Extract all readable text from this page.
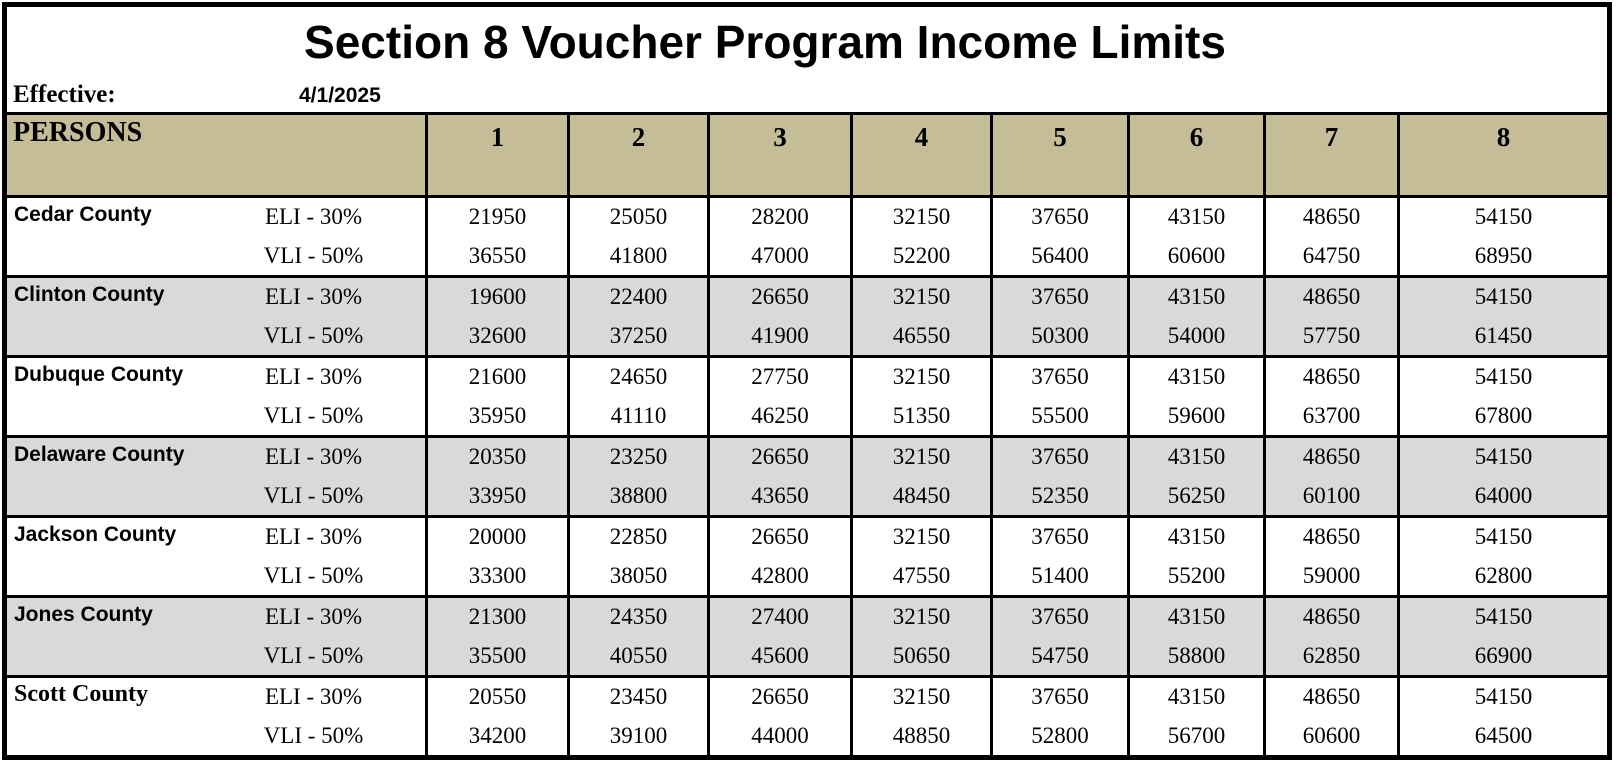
Section 8 Voucher Program Income Limits
Effective:	4/1/2025
PERSONS	1	2	3	4	5	6	7	8
Cedar County	ELI - 30%	21950	25050	28200	32150	37650	43150	48650	54150
VLI - 50%	36550	41800	47000	52200	56400	60600	64750	68950
Clinton County	ELI - 30%	19600	22400	26650	32150	37650	43150	48650	54150
VLI - 50%	32600	37250	41900	46550	50300	54000	57750	61450
Dubuque County	ELI - 30%	21600	24650	27750	32150	37650	43150	48650	54150
VLI - 50%	35950	41110	46250	51350	55500	59600	63700	67800
Delaware County	ELI - 30%	20350	23250	26650	32150	37650	43150	48650	54150
VLI - 50%	33950	38800	43650	48450	52350	56250	60100	64000
Jackson County	ELI - 30%	20000	22850	26650	32150	37650	43150	48650	54150
VLI - 50%	33300	38050	42800	47550	51400	55200	59000	62800
Jones County	ELI - 30%	21300	24350	27400	32150	37650	43150	48650	54150
VLI - 50%	35500	40550	45600	50650	54750	58800	62850	66900
Scott County	ELI - 30%	20550	23450	26650	32150	37650	43150	48650	54150
VLI - 50%	34200	39100	44000	48850	52800	56700	60600	64500
